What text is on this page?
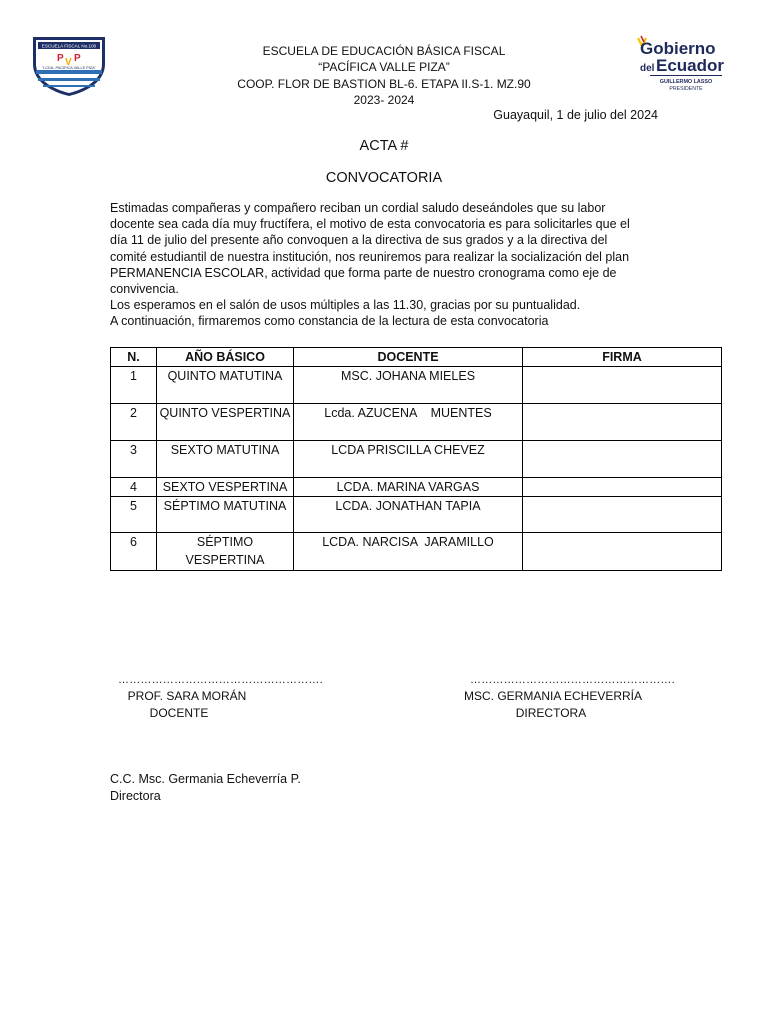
ESCUELA FISCAL No.100
P V P
"LCDA. PACIFICA VALLE PIZA"
ESCUELA DE EDUCACIÓN BÁSICA FISCAL
“PACÍFICA VALLE PIZA”
COOP. FLOR DE BASTION BL-6. ETAPA II.S-1. MZ.90
2023- 2024
Gobierno
del Ecuador
GUILLERMO LASSO
PRESIDENTE
Guayaquil, 1 de julio del 2024
ACTA #
CONVOCATORIA

Estimadas compañeras y compañero reciban un cordial saludo deseándoles que su labor

docente sea cada día muy fructífera, el motivo de esta convocatoria es para solicitarles que el

día 11 de julio del presente año convoquen a la directiva de sus grados y a la directiva del

comité estudiantil de nuestra institución, nos reuniremos para realizar la socialización del plan

PERMANENCIA ESCOLAR, actividad que forma parte de nuestro cronograma como eje de

convivencia.

Los esperamos en el salón de usos múltiples a las 11.30, gracias por su puntualidad.

A continuación, firmaremos como constancia de la lectura de esta convocatoria

N.	AÑO BÁSICO	DOCENTE	FIRMA
1	QUINTO MATUTINA	MSC. JOHANA MIELES	
2	QUINTO VESPERTINA	Lcda. AZUCENA    MUENTES	
3	SEXTO MATUTINA	LCDA PRISCILLA CHEVEZ	
4	SEXTO VESPERTINA	LCDA. MARINA VARGAS	
5	SÉPTIMO MATUTINA	LCDA. JONATHAN TAPIA	
6	SÉPTIMO VESPERTINA	LCDA. NARCISA  JARAMILLO	
……………………………………………….
PROF. SARA MORÁN
DOCENTE
……………………………………………….
MSC. GERMANIA ECHEVERRÍA
DIRECTORA
C.C. Msc. Germania Echeverría P.
Directora
